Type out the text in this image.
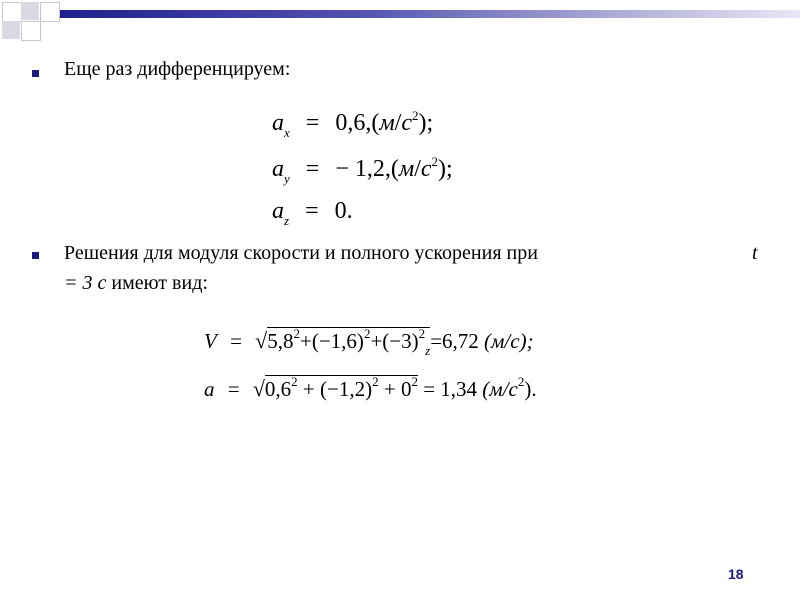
Еще раз дифференцируем:
$a_x = 0,6,(м/с^2)$;
$a_y$ = − $1,2,(м/с^2)$;
$a_z = 0$.
Решения для модуля скорости и полного ускорения при	t
= 3 с имеют вид:
$V = √5,8^2+(-1,6)^2+(-3)^2_z=6,72$ (м/с);
$a = √0,6^2 + (-1,2)^2 + 0^2 = 1,34$ $(м/с^2)$.
18
